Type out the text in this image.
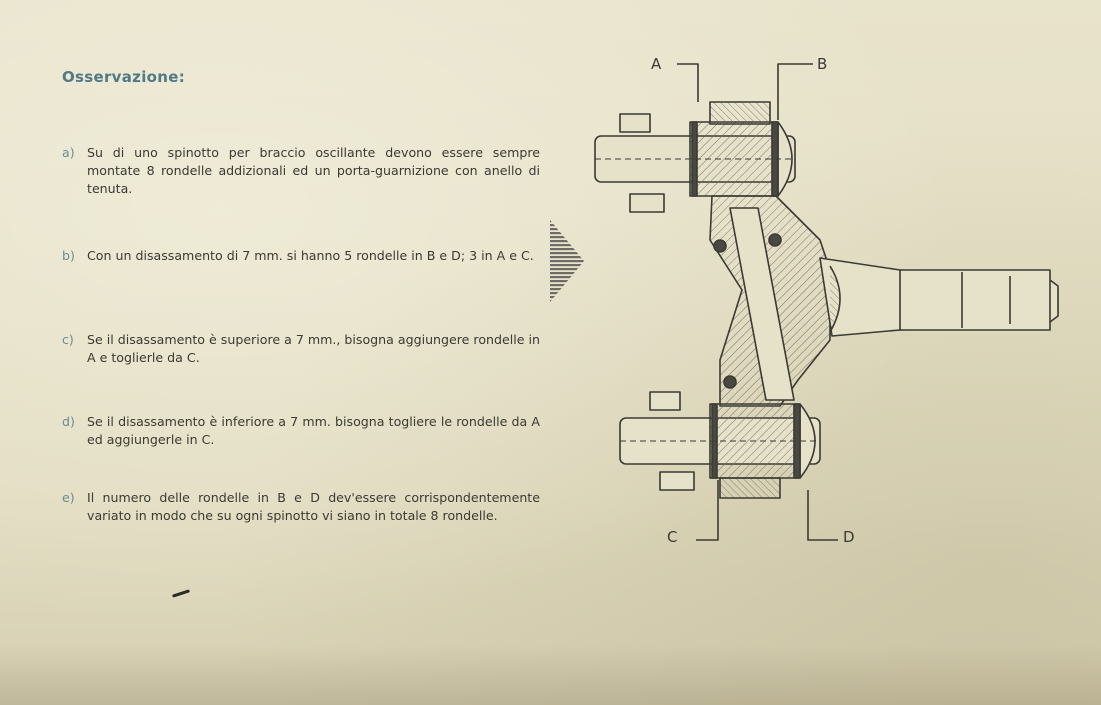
Osservazione:
a) Su di uno spinotto per braccio oscillante devono essere sempre montate 8 rondelle addizionali ed un porta-guarnizione con anello di tenuta.
b) Con un disassamento di 7 mm. si hanno 5 rondelle in B e D; 3 in A e C.
c)	Se il disassamento è superiore a 7 mm., bisogna aggiungere rondelle in A e toglierle da C.
d) Se il disassamento è inferiore a 7 mm. bisogna togliere le rondelle da A ed aggiungerle in C.
e) Il numero delle rondelle in B e D dev'essere corrispondentemente variato in modo che su ogni spinotto vi siano in totale 8 rondelle.
A	B
C	D
